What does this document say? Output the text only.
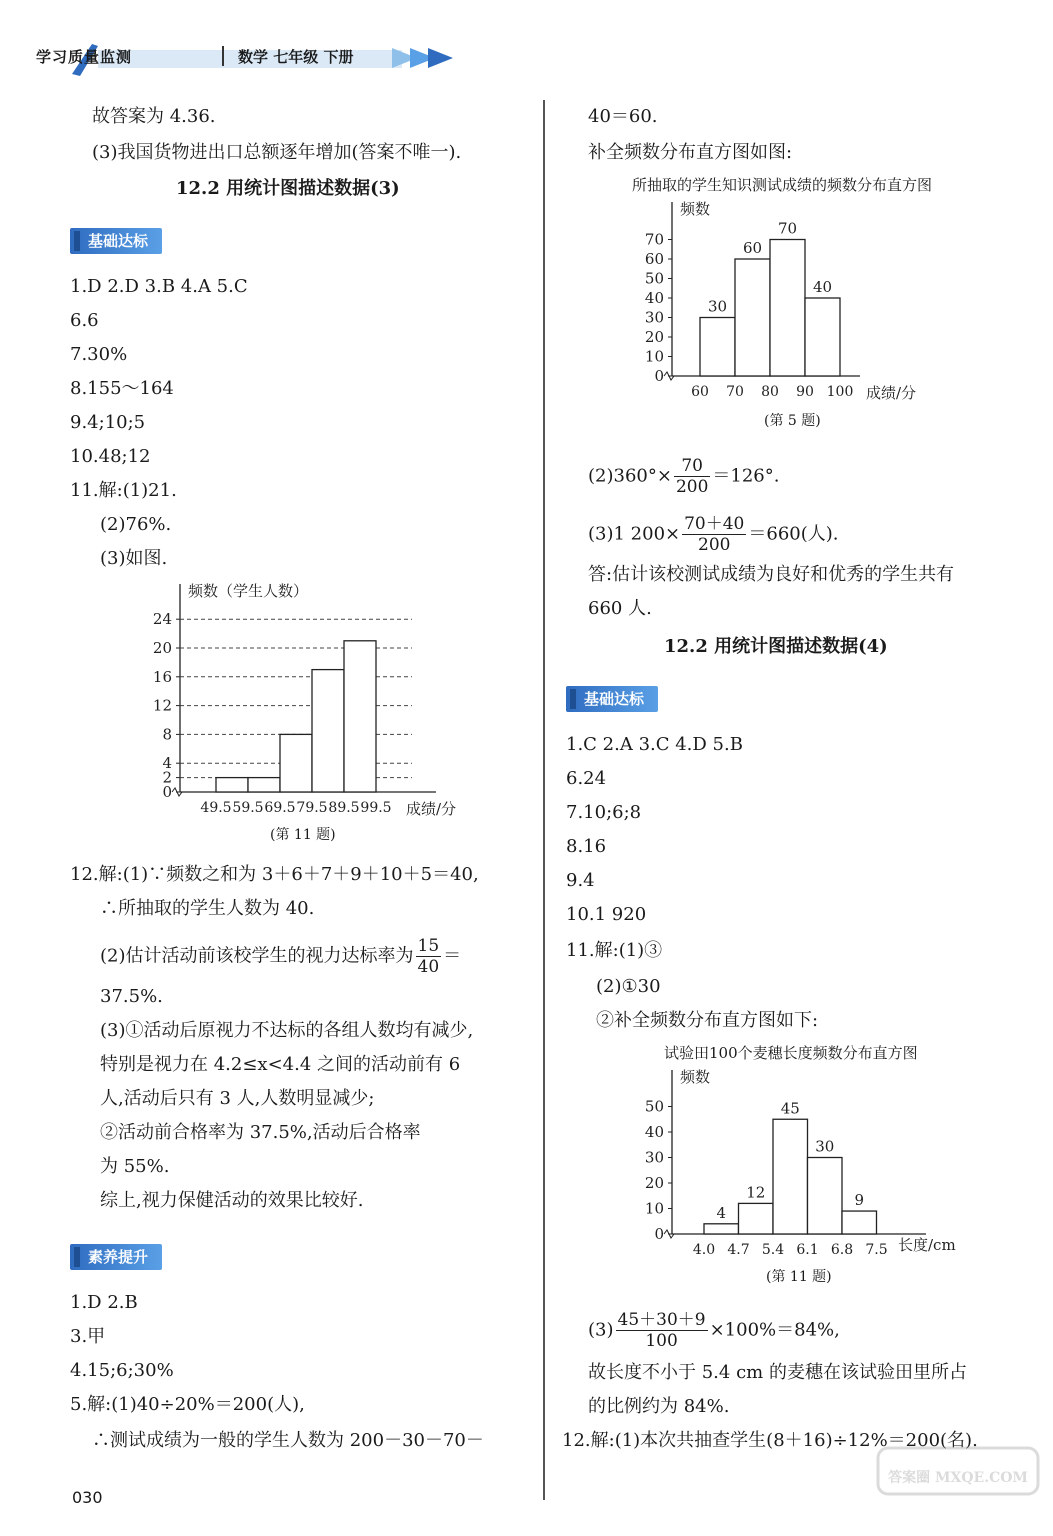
学习质量监测	数学 七年级 下册
故答案为 4.36.
(3)我国货物进出口总额逐年增加(答案不唯一).
12.2 用统计图描述数据(3)
基础达标
1.D 2.D 3.B 4.A 5.C
6.6
7.30%
8.155～164
9.4;10;5
10.48;12
11.解:(1)21.
(2)76%.
(3)如图.
0
2
4
8
12
16
20
24
49.5 59.5 69.5 79.5 89.5 99.5 成绩/分
频数（学生人数）
(第 11 题)
12.解:(1)∵频数之和为 3＋6＋7＋9＋10＋5＝40,
∴所抽取的学生人数为 40.
(2)估计活动前该校学生的视力达标率为 $\frac{15}{40}$ ＝
37.5%.
(3)①活动后原视力不达标的各组人数均有减少,
特别是视力在 4.2≤x<4.4 之间的活动前有 6
人,活动后只有 3 人,人数明显减少;
②活动前合格率为 37.5%,活动后合格率
为 55%.
综上,视力保健活动的效果比较好.
素养提升
1.D 2.B
3.甲
4.15;6;30%
5.解:(1)40÷20%＝200(人),
∴测试成绩为一般的学生人数为 200－30－70－
40＝60.
补全频数分布直方图如图:
所抽取的学生知识测试成绩的频数分布直方图
0
10
20
30
40
50
60
70
30
60
70
40
60 70 80 90 100 成绩/分
频数
(第 5 题)
$(2)360^\circ\times \frac{70}{200} =126^\circ$.
(3)1 $200\times \frac{70+40}{200} =660$(人).
答:估计该校测试成绩为良好和优秀的学生共有
660 人.
12.2 用统计图描述数据(4)
基础达标
1.C 2.A 3.C 4.D 5.B
6.24
7.10;6;8
8.16
9.4
10.1 920
11.解:(1)③
(2)①30
②补全频数分布直方图如下:
试验田100个麦穗长度频数分布直方图
0
10
20
30
40
50
4
12
45
30
9
4.0 4.7 5.4 6.1 6.8 7.5 长度/cm
频数
(第 11 题)
$(3) \frac{45+30+9}{100} \times 100\%=84\%$,
故长度不小于 5.4 cm 的麦穗在该试验田里所占
的比例约为 84%.
12.解:(1)本次共抽查学生(8＋16)÷12%＝200(名).
030
答案圈 MXQE.COM
